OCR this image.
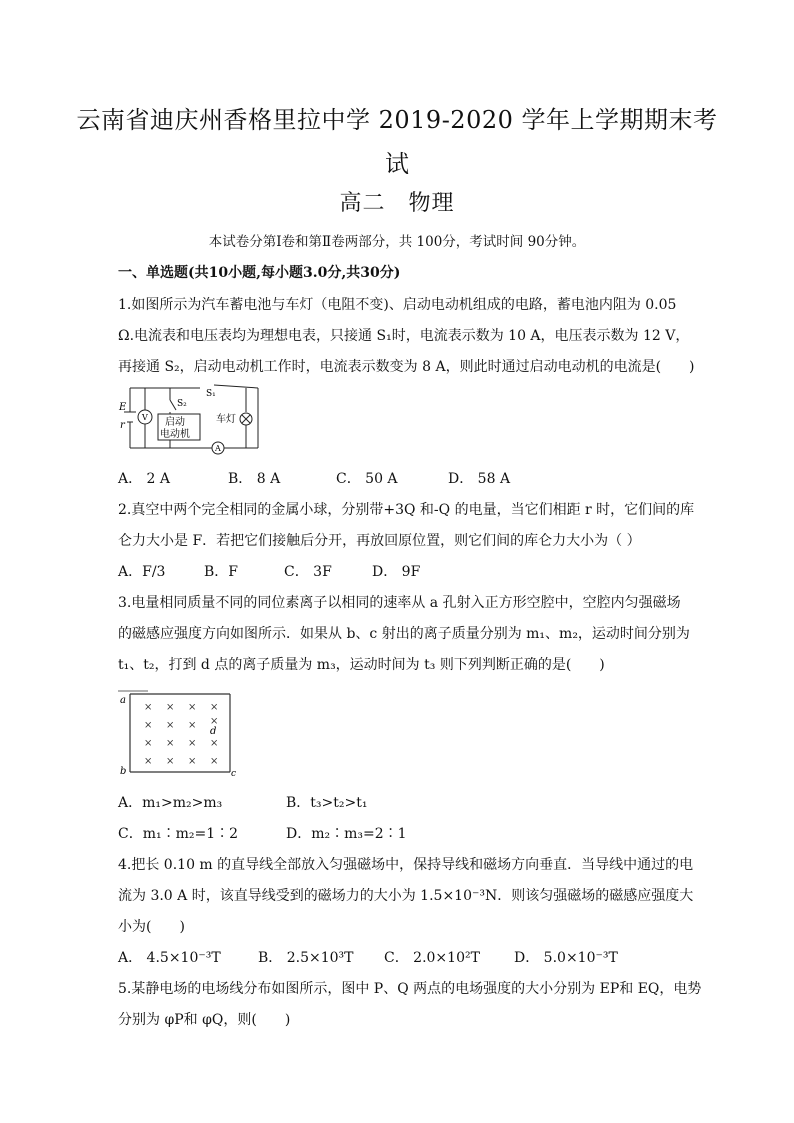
云南省迪庆州香格里拉中学 2019-2020 学年上学期期末考
试
高二　物理
本试卷分第Ⅰ卷和第Ⅱ卷两部分，共 100分，考试时间 90分钟。
一、单选题(共10小题,每小题3.0分,共30分)
1.如图所示为汽车蓄电池与车灯（电阻不变)、启动电动机组成的电路，蓄电池内阻为 0.05
Ω.电流表和电压表均为理想电表，只接通 S₁时，电流表示数为 10 A，电压表示数为 12 V，
再接通 S₂，启动电动机工作时，电流表示数变为 8 A，则此时通过启动电动机的电流是(　　)
E
r
V
S₁
S₂
启动
电动机
车灯
A
A． 2 A	B． 8 A	C． 50 A	D． 58 A
2.真空中两个完全相同的金属小球，分别带+3Q 和-Q 的电量，当它们相距 r 时，它们间的库
仑力大小是 F．若把它们接触后分开，再放回原位置，则它们间的库仑力大小为（ ）
A．F/3	B．F	C． 3F	D． 9F
3.电量相同质量不同的同位素离子以相同的速率从 a 孔射入正方形空腔中，空腔内匀强磁场
的磁感应强度方向如图所示．如果从 b、c 射出的离子质量分别为 m₁、m₂，运动时间分别为
t₁、t₂，打到 d 点的离子质量为 m₃，运动时间为 t₃ 则下列判断正确的是(　　)
a
b	c
d
× × × ×
× × × ×
× × × ×
× × × ×
A．m₁>m₂>m₃	B．t₃>t₂>t₁
C．m₁∶m₂=1∶2	D．m₂∶m₃=2∶1
4.把长 0.10 m 的直导线全部放入匀强磁场中，保持导线和磁场方向垂直．当导线中通过的电
流为 3.0 A 时，该直导线受到的磁场力的大小为 1.5×10⁻³N．则该匀强磁场的磁感应强度大
小为(　　)
A． 4.5×10⁻³T	B． 2.5×10³T C． 2.0×10²T D． 5.0×10⁻³T
5.某静电场的电场线分布如图所示，图中 P、Q 两点的电场强度的大小分别为 EP和 EQ，电势
分别为 φP和 φQ，则(　　)
